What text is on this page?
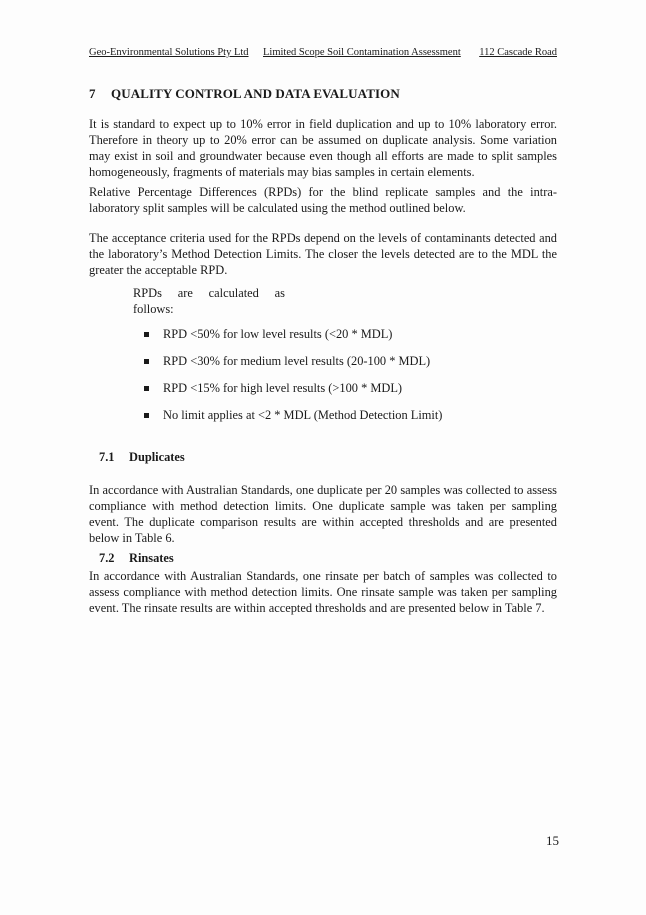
Geo-Environmental Solutions Pty Ltd Limited Scope Soil Contamination Assessment 112 Cascade Road
7 QUALITY CONTROL AND DATA EVALUATION

It is standard to expect up to 10% error in field duplication and up to 10% laboratory error. Therefore in theory up to 20% error can be assumed on duplicate analysis. Some variation may exist in soil and groundwater because even though all efforts are made to split samples homogeneously, fragments of materials may bias samples in certain elements.

Relative Percentage Differences (RPDs) for the blind replicate samples and the intra-laboratory split samples will be calculated using the method outlined below.

The acceptance criteria used for the RPDs depend on the levels of contaminants detected and the laboratory’s Method Detection Limits. The closer the levels detected are to the MDL the greater the acceptable RPD.

RPDs are calculated as
follows:
RPD <50% for low level results (<20 * MDL)
RPD <30% for medium level results (20-100 * MDL)
RPD <15% for high level results (>100 * MDL)
No limit applies at <2 * MDL (Method Detection Limit)
7.1 Duplicates

In accordance with Australian Standards, one duplicate per 20 samples was collected to assess compliance with method detection limits. One duplicate sample was taken per sampling event. The duplicate comparison results are within accepted thresholds and are presented below in Table 6.

7.2 Rinsates

In accordance with Australian Standards, one rinsate per batch of samples was collected to assess compliance with method detection limits. One rinsate sample was taken per sampling event. The rinsate results are within accepted thresholds and are presented below in Table 7.

15
